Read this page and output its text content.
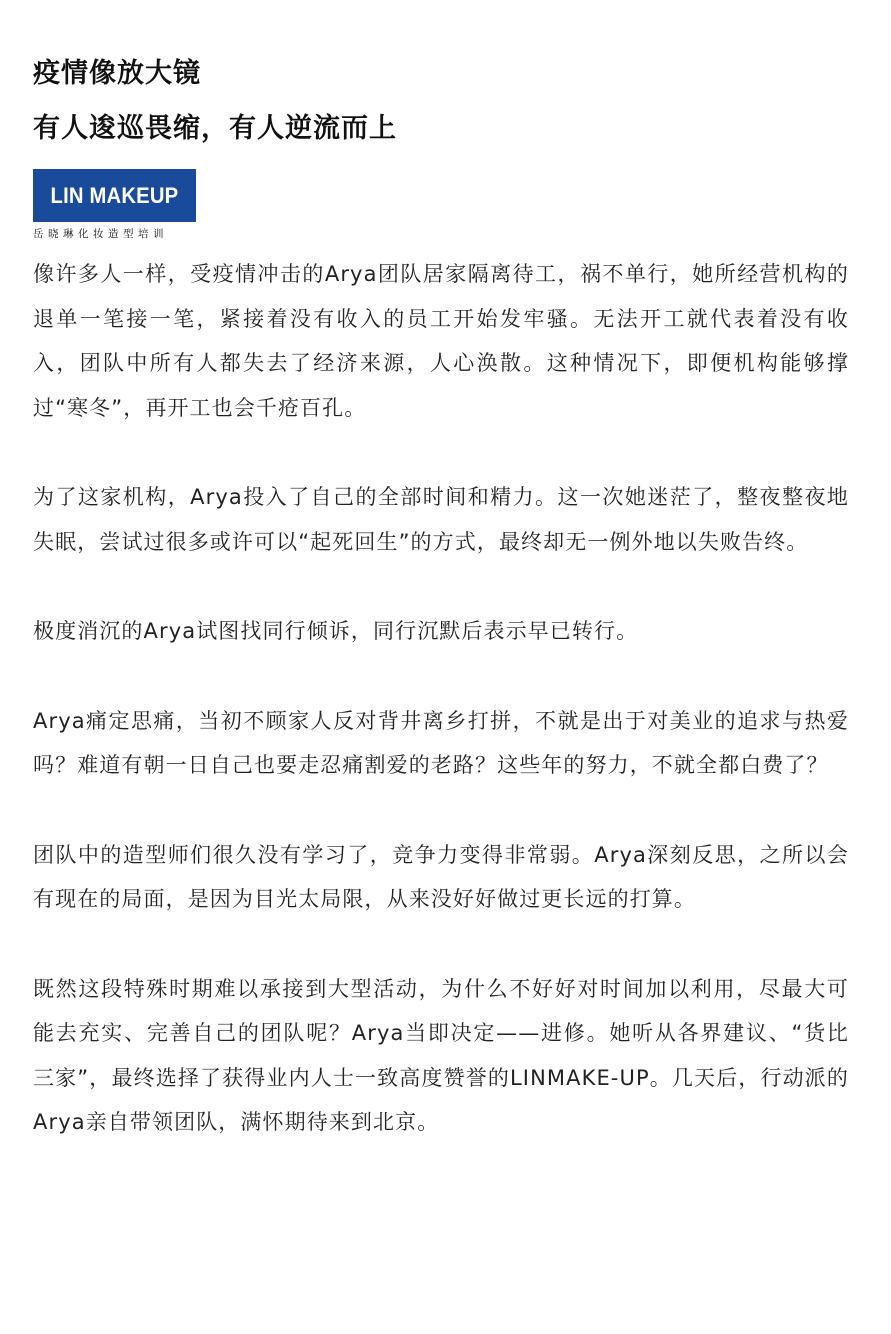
疫情像放大镜
有人逡巡畏缩，有人逆流而上
LIN MAKEUP
岳晓琳化妆造型培训

像许多人一样，受疫情冲击的Arya团队居家隔离待工，祸不单行，她所经营机构的退单一笔接一笔，紧接着没有收入的员工开始发牢骚。无法开工就代表着没有收入，团队中所有人都失去了经济来源，人心涣散。这种情况下，即便机构能够撑过“寒冬”，再开工也会千疮百孔。

为了这家机构，Arya投入了自己的全部时间和精力。这一次她迷茫了，整夜整夜地失眠，尝试过很多或许可以“起死回生”的方式，最终却无一例外地以失败告终。

极度消沉的Arya试图找同行倾诉，同行沉默后表示早已转行。

Arya痛定思痛，当初不顾家人反对背井离乡打拼，不就是出于对美业的追求与热爱吗？难道有朝一日自己也要走忍痛割爱的老路？这些年的努力，不就全都白费了？

团队中的造型师们很久没有学习了，竞争力变得非常弱。Arya深刻反思，之所以会有现在的局面，是因为目光太局限，从来没好好做过更长远的打算。

既然这段特殊时期难以承接到大型活动，为什么不好好对时间加以利用，尽最大可能去充实、完善自己的团队呢？Arya当即决定——进修。她听从各界建议、“货比三家”，最终选择了获得业内人士一致高度赞誉的LINMAKE-UP。几天后，行动派的Arya亲自带领团队，满怀期待来到北京。
